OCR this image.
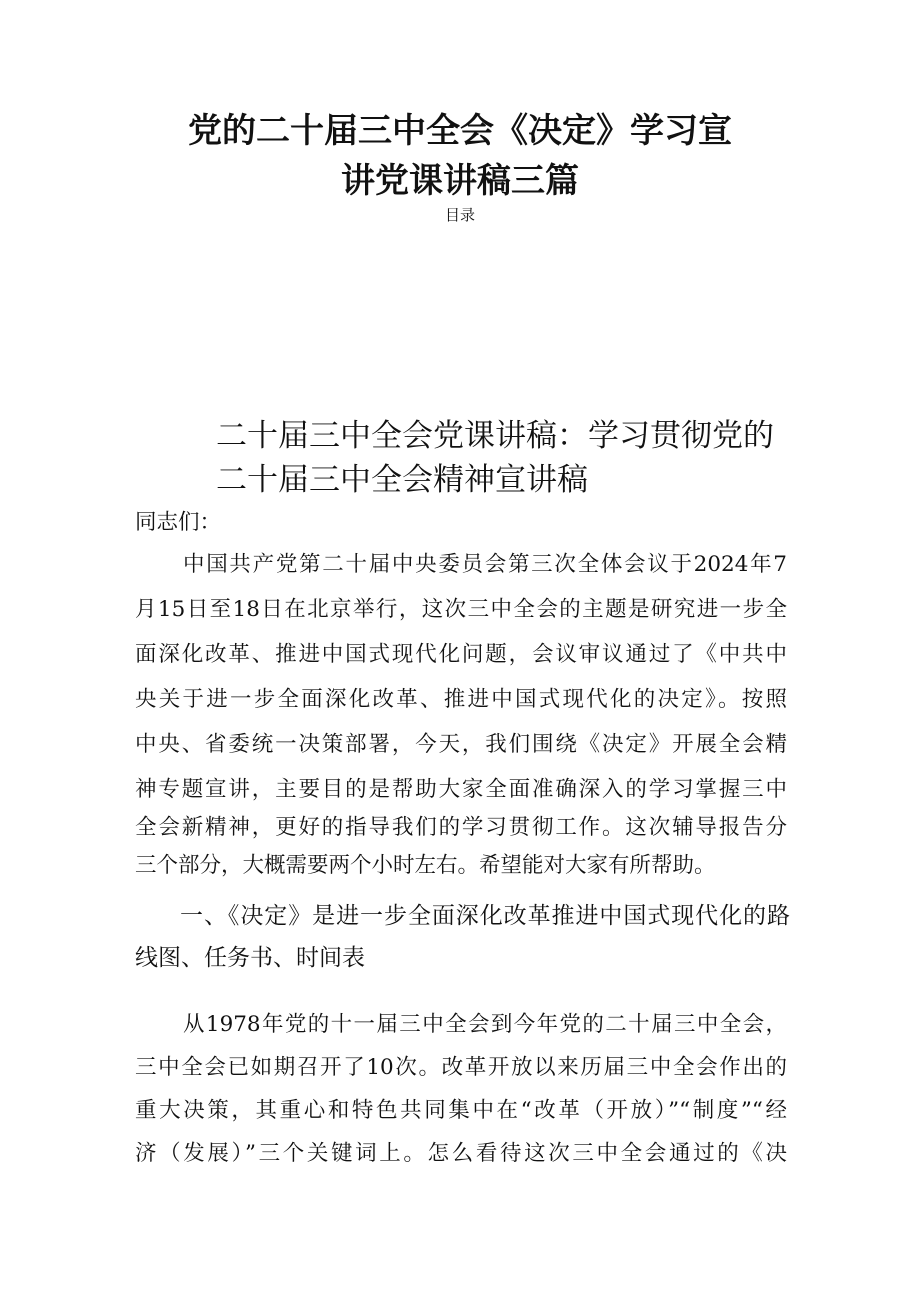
党的二十届三中全会《决定》学习宣
讲党课讲稿三篇
目录
二十届三中全会党课讲稿：学习贯彻党的
二十届三中全会精神宣讲稿
同志们：
中国共产党第二十届中央委员会第三次全体会议于2024年7
月15日至18日在北京举行，这次三中全会的主题是研究进一步全
面深化改革、推进中国式现代化问题，会议审议通过了《中共中
央关于进一步全面深化改革、推进中国式现代化的决定》。按照
中央、省委统一决策部署，今天，我们围绕《决定》开展全会精
神专题宣讲，主要目的是帮助大家全面准确深入的学习掌握三中
全会新精神，更好的指导我们的学习贯彻工作。这次辅导报告分
三个部分，大概需要两个小时左右。希望能对大家有所帮助。
一、《决定》是进一步全面深化改革推进中国式现代化的路
线图、任务书、时间表
从1978年党的十一届三中全会到今年党的二十届三中全会，
三中全会已如期召开了10次。改革开放以来历届三中全会作出的
重大决策，其重心和特色共同集中在“改革（开放）”“制度”“经
济（发展）”三个关键词上。怎么看待这次三中全会通过的《决
